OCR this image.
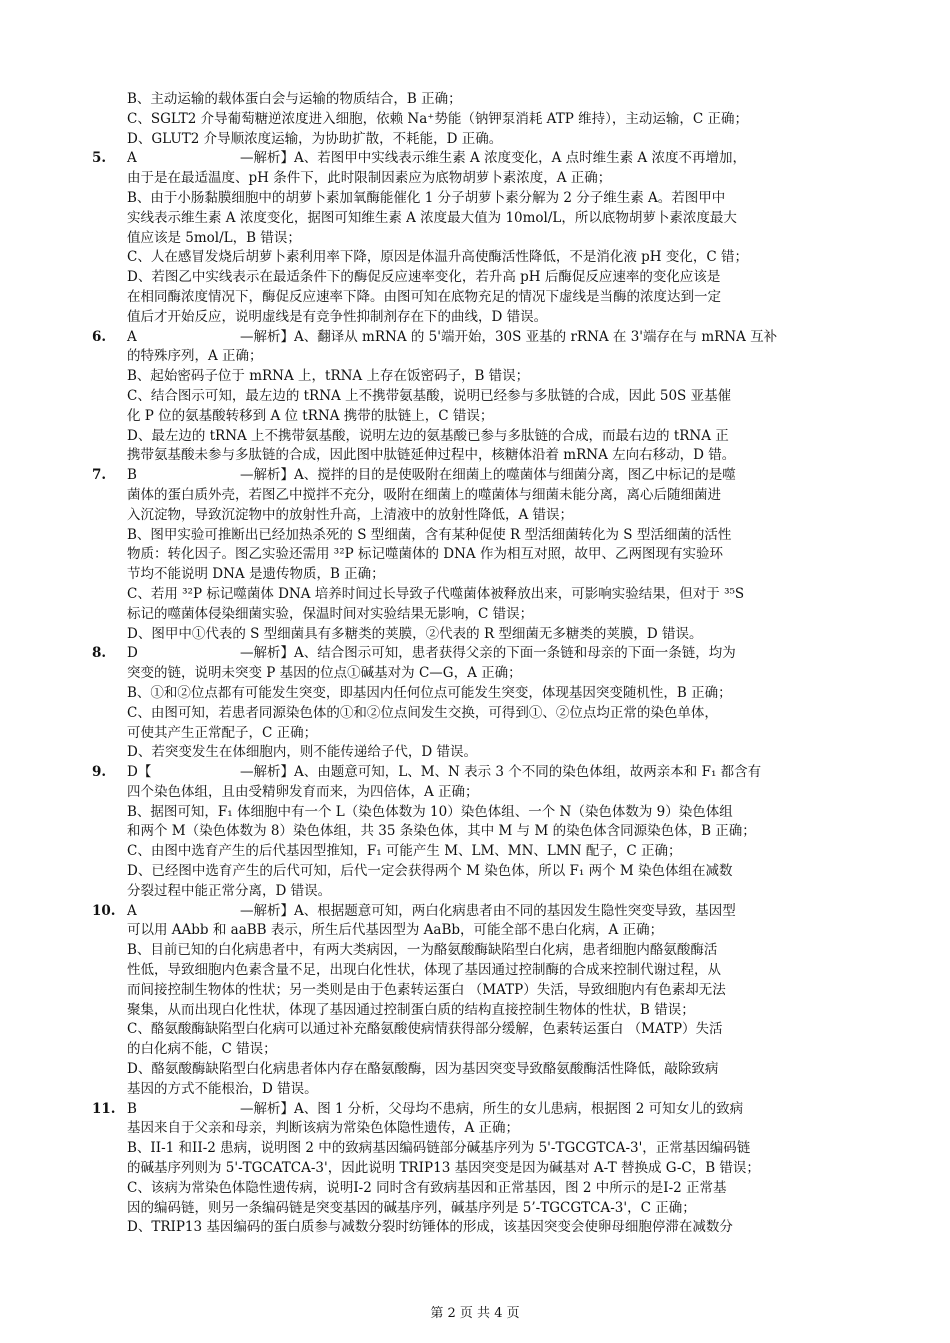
B、主动运输的载体蛋白会与运输的物质结合，B 正确；
C、SGLT2 介导葡萄糖逆浓度进入细胞，依赖 Na⁺势能（钠钾泵消耗 ATP 维持），主动运输，C 正确；
D、GLUT2 介导顺浓度运输，为协助扩散，不耗能，D 正确。
5.	A	—解析】A、若图甲中实线表示维生素 A 浓度变化，A 点时维生素 A 浓度不再增加，
由于是在最适温度、pH 条件下，此时限制因素应为底物胡萝卜素浓度，A 正确；
B、由于小肠黏膜细胞中的胡萝卜素加氧酶能催化 1 分子胡萝卜素分解为 2 分子维生素 A。若图甲中
实线表示维生素 A 浓度变化，据图可知维生素 A 浓度最大值为 10mol/L，所以底物胡萝卜素浓度最大
值应该是 5mol/L，B 错误；
C、人在感冒发烧后胡萝卜素利用率下降，原因是体温升高使酶活性降低，不是消化液 pH 变化，C 错；
D、若图乙中实线表示在最适条件下的酶促反应速率变化，若升高 pH 后酶促反应速率的变化应该是
在相同酶浓度情况下，酶促反应速率下降。由图可知在底物充足的情况下虚线是当酶的浓度达到一定
值后才开始反应，说明虚线是有竞争性抑制剂存在下的曲线，D 错误。
6.	A	—解析】A、翻译从 mRNA 的 5'端开始，30S 亚基的 rRNA 在 3'端存在与 mRNA 互补
的特殊序列，A 正确；
B、起始密码子位于 mRNA 上，tRNA 上存在饭密码子，B 错误；
C、结合图示可知，最左边的 tRNA 上不携带氨基酸，说明已经参与多肽链的合成，因此 50S 亚基催
化 P 位的氨基酸转移到 A 位 tRNA 携带的肽链上，C 错误；
D、最左边的 tRNA 上不携带氨基酸，说明左边的氨基酸已参与多肽链的合成，而最右边的 tRNA 正
携带氨基酸未参与多肽链的合成，因此图中肽链延伸过程中，核糖体沿着 mRNA 左向右移动，D 错。
7.	B	—解析】A、搅拌的目的是使吸附在细菌上的噬菌体与细菌分离，图乙中标记的是噬
菌体的蛋白质外壳，若图乙中搅拌不充分，吸附在细菌上的噬菌体与细菌未能分离，离心后随细菌进
入沉淀物，导致沉淀物中的放射性升高，上清液中的放射性降低，A 错误；
B、图甲实验可推断出已经加热杀死的 S 型细菌，含有某种促使 R 型活细菌转化为 S 型活细菌的活性
物质：转化因子。图乙实验还需用 ³²P 标记噬菌体的 DNA 作为相互对照，故甲、乙两图现有实验环
节均不能说明 DNA 是遗传物质，B 正确；
C、若用 ³²P 标记噬菌体 DNA 培养时间过长导致子代噬菌体被释放出来，可影响实验结果，但对于 ³⁵S
标记的噬菌体侵染细菌实验，保温时间对实验结果无影响，C 错误；
D、图甲中①代表的 S 型细菌具有多糖类的荚膜，②代表的 R 型细菌无多糖类的荚膜，D 错误。
8.	D	—解析】A、结合图示可知，患者获得父亲的下面一条链和母亲的下面一条链，均为
突变的链，说明未突变 P 基因的位点①碱基对为 C—G，A 正确；
B、①和②位点都有可能发生突变，即基因内任何位点可能发生突变，体现基因突变随机性，B 正确；
C、由图可知，若患者同源染色体的①和②位点间发生交换，可得到①、②位点均正常的染色单体，
可使其产生正常配子，C 正确；
D、若突变发生在体细胞内，则不能传递给子代，D 错误。
9.	D【	—解析】A、由题意可知，L、M、N 表示 3 个不同的染色体组，故两亲本和 F₁ 都含有
四个染色体组，且由受精卵发育而来，为四倍体，A 正确；
B、据图可知，F₁ 体细胞中有一个 L（染色体数为 10）染色体组、一个 N（染色体数为 9）染色体组
和两个 M（染色体数为 8）染色体组，共 35 条染色体，其中 M 与 M 的染色体含同源染色体，B 正确；
C、由图中选育产生的后代基因型推知，F₁ 可能产生 M、LM、MN、LMN 配子，C 正确；
D、已经图中选育产生的后代可知，后代一定会获得两个 M 染色体，所以 F₁ 两个 M 染色体组在减数
分裂过程中能正常分离，D 错误。
10. A	—解析】A、根据题意可知，两白化病患者由不同的基因发生隐性突变导致，基因型
可以用 AAbb 和 aaBB 表示，所生后代基因型为 AaBb，可能全部不患白化病，A 正确；
B、目前已知的白化病患者中，有两大类病因，一为酪氨酸酶缺陷型白化病，患者细胞内酪氨酸酶活
性低，导致细胞内色素含量不足，出现白化性状，体现了基因通过控制酶的合成来控制代谢过程，从
而间接控制生物体的性状；另一类则是由于色素转运蛋白 （MATP）失活，导致细胞内有色素却无法
聚集，从而出现白化性状，体现了基因通过控制蛋白质的结构直接控制生物体的性状，B 错误；
C、酪氨酸酶缺陷型白化病可以通过补充酪氨酸使病情获得部分缓解，色素转运蛋白 （MATP）失活
的白化病不能，C 错误；
D、酪氨酸酶缺陷型白化病患者体内存在酪氨酸酶，因为基因突变导致酪氨酸酶活性降低，敲除致病
基因的方式不能根治，D 错误。
11. B	—解析】A、图 1 分析，父母均不患病，所生的女儿患病，根据图 2 可知女儿的致病
基因来自于父亲和母亲，判断该病为常染色体隐性遗传，A 正确；
B、II-1 和II-2 患病，说明图 2 中的致病基因编码链部分碱基序列为 5'-TGCGTCA-3'，正常基因编码链
的碱基序列则为 5'-TGCATCA-3'，因此说明 TRIP13 基因突变是因为碱基对 A-T 替换成 G-C，B 错误；
C、该病为常染色体隐性遗传病，说明I-2 同时含有致病基因和正常基因，图 2 中所示的是I-2 正常基
因的编码链，则另一条编码链是突变基因的碱基序列，碱基序列是 5’-TGCGTCA-3'，C 正确；
D、TRIP13 基因编码的蛋白质参与减数分裂时纺锤体的形成，该基因突变会使卵母细胞停滞在减数分
第 2 页 共 4 页
